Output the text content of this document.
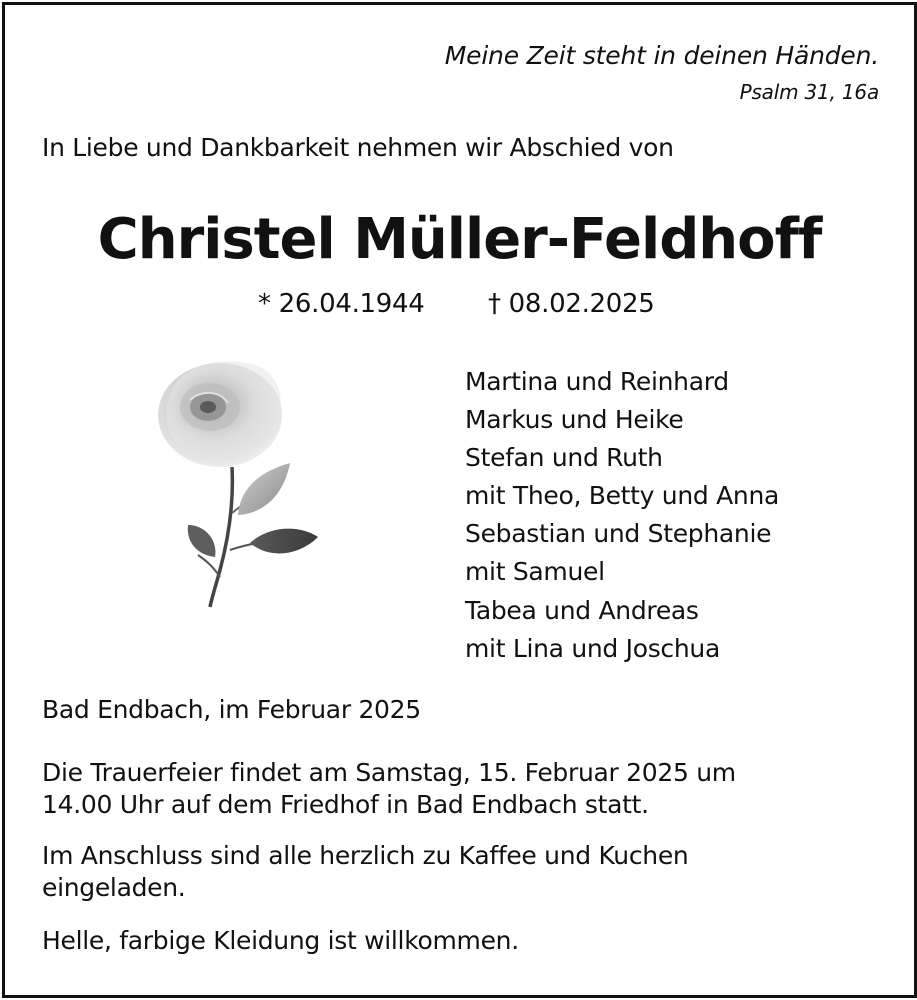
Meine Zeit steht in deinen Händen.
Psalm 31, 16a
In Liebe und Dankbarkeit nehmen wir Abschied von
Christel Müller-Feldhoff
* 26.04.1944 † 08.02.2025
Martina und Reinhard
Markus und Heike
Stefan und Ruth
mit Theo, Betty und Anna
Sebastian und Stephanie
mit Samuel
Tabea und Andreas
mit Lina und Joschua
Bad Endbach, im Februar 2025
Die Trauerfeier findet am Samstag, 15. Februar 2025 um
14.00 Uhr auf dem Friedhof in Bad Endbach statt.
Im Anschluss sind alle herzlich zu Kaffee und Kuchen
eingeladen.
Helle, farbige Kleidung ist willkommen.
